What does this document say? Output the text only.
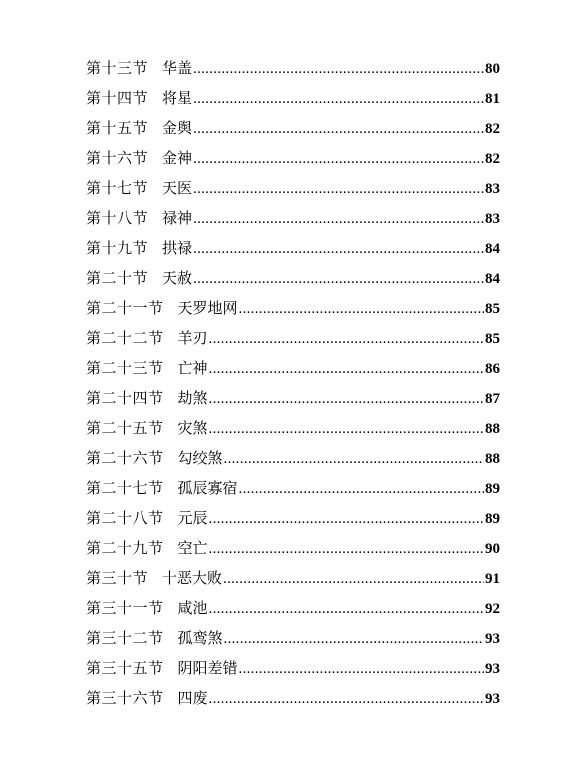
第十三节 华盖 .....	80
第十四节 将星 .....	81
第十五节 金舆 .....	82
第十六节 金神 .....	82
第十七节 天医 .....	83
第十八节 禄神 .....	83
第十九节 拱禄 .....	84
第二十节 天赦 .....	84
第二十一节 天罗地网 .....	85
第二十二节 羊刃 .....	85
第二十三节 亡神 .....	86
第二十四节 劫煞 .....	87
第二十五节 灾煞 .....	88
第二十六节 勾绞煞 .....	88
第二十七节 孤辰寡宿 .....	89
第二十八节 元辰 .....	89
第二十九节 空亡 .....	90
第三十节 十恶大败 .....	91
第三十一节 咸池 .....	92
第三十二节 孤鸾煞 .....	93
第三十五节 阴阳差错 .....	93
第三十六节 四废 .....	93
